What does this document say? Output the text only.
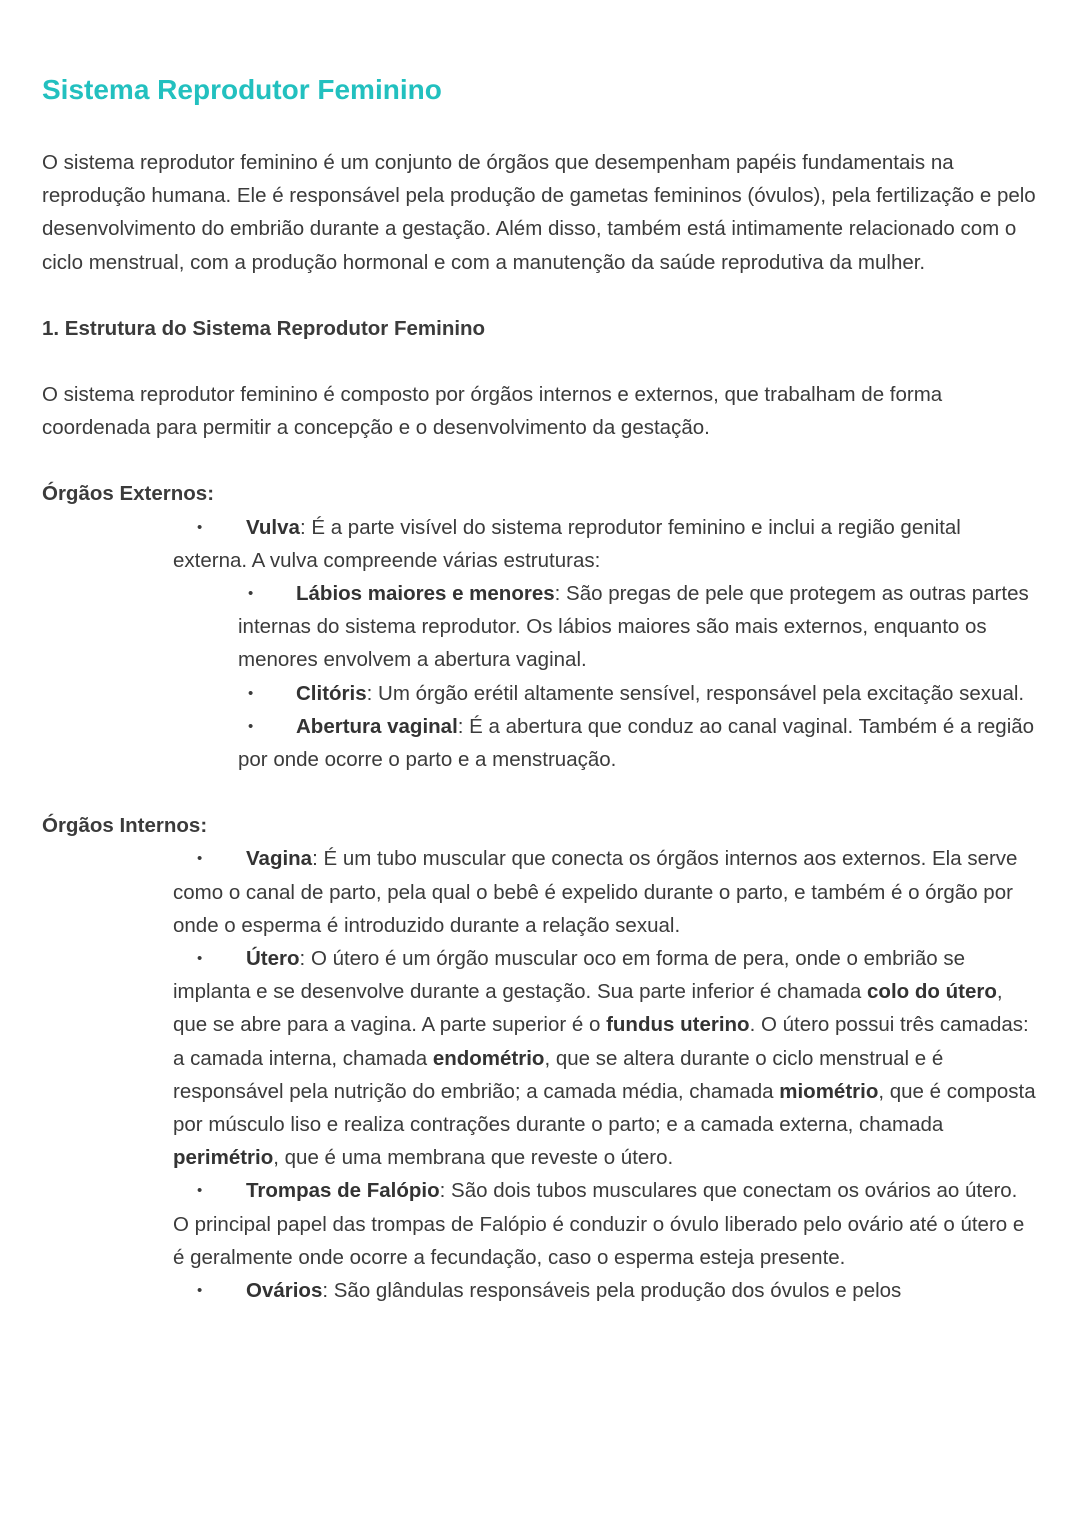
Sistema Reprodutor Feminino

O sistema reprodutor feminino é um conjunto de órgãos que desempenham papéis fundamentais na reprodução humana. Ele é responsável pela produção de gametas femininos (óvulos), pela fertilização e pelo desenvolvimento do embrião durante a gestação. Além disso, também está intimamente relacionado com o ciclo menstrual, com a produção hormonal e com a manutenção da saúde reprodutiva da mulher.

1. Estrutura do Sistema Reprodutor Feminino

O sistema reprodutor feminino é composto por órgãos internos e externos, que trabalham de forma coordenada para permitir a concepção e o desenvolvimento da gestação.

Órgãos Externos:

• Vulva: É a parte visível do sistema reprodutor feminino e inclui a região genital externa. A vulva compreende várias estruturas:
• Lábios maiores e menores: São pregas de pele que protegem as outras partes internas do sistema reprodutor. Os lábios maiores são mais externos, enquanto os menores envolvem a abertura vaginal.
• Clitóris: Um órgão erétil altamente sensível, responsável pela excitação sexual.
• Abertura vaginal: É a abertura que conduz ao canal vaginal. Também é a região por onde ocorre o parto e a menstruação.

Órgãos Internos:

• Vagina: É um tubo muscular que conecta os órgãos internos aos externos. Ela serve como o canal de parto, pela qual o bebê é expelido durante o parto, e também é o órgão por onde o esperma é introduzido durante a relação sexual.
• Útero: O útero é um órgão muscular oco em forma de pera, onde o embrião se implanta e se desenvolve durante a gestação. Sua parte inferior é chamada colo do útero, que se abre para a vagina. A parte superior é o fundus uterino. O útero possui três camadas: a camada interna, chamada endométrio, que se altera durante o ciclo menstrual e é responsável pela nutrição do embrião; a camada média, chamada miométrio, que é composta por músculo liso e realiza contrações durante o parto; e a camada externa, chamada perimétrio, que é uma membrana que reveste o útero.
• Trompas de Falópio: São dois tubos musculares que conectam os ovários ao útero. O principal papel das trompas de Falópio é conduzir o óvulo liberado pelo ovário até o útero e é geralmente onde ocorre a fecundação, caso o esperma esteja presente.
• Ovários: São glândulas responsáveis pela produção dos óvulos e pelos
